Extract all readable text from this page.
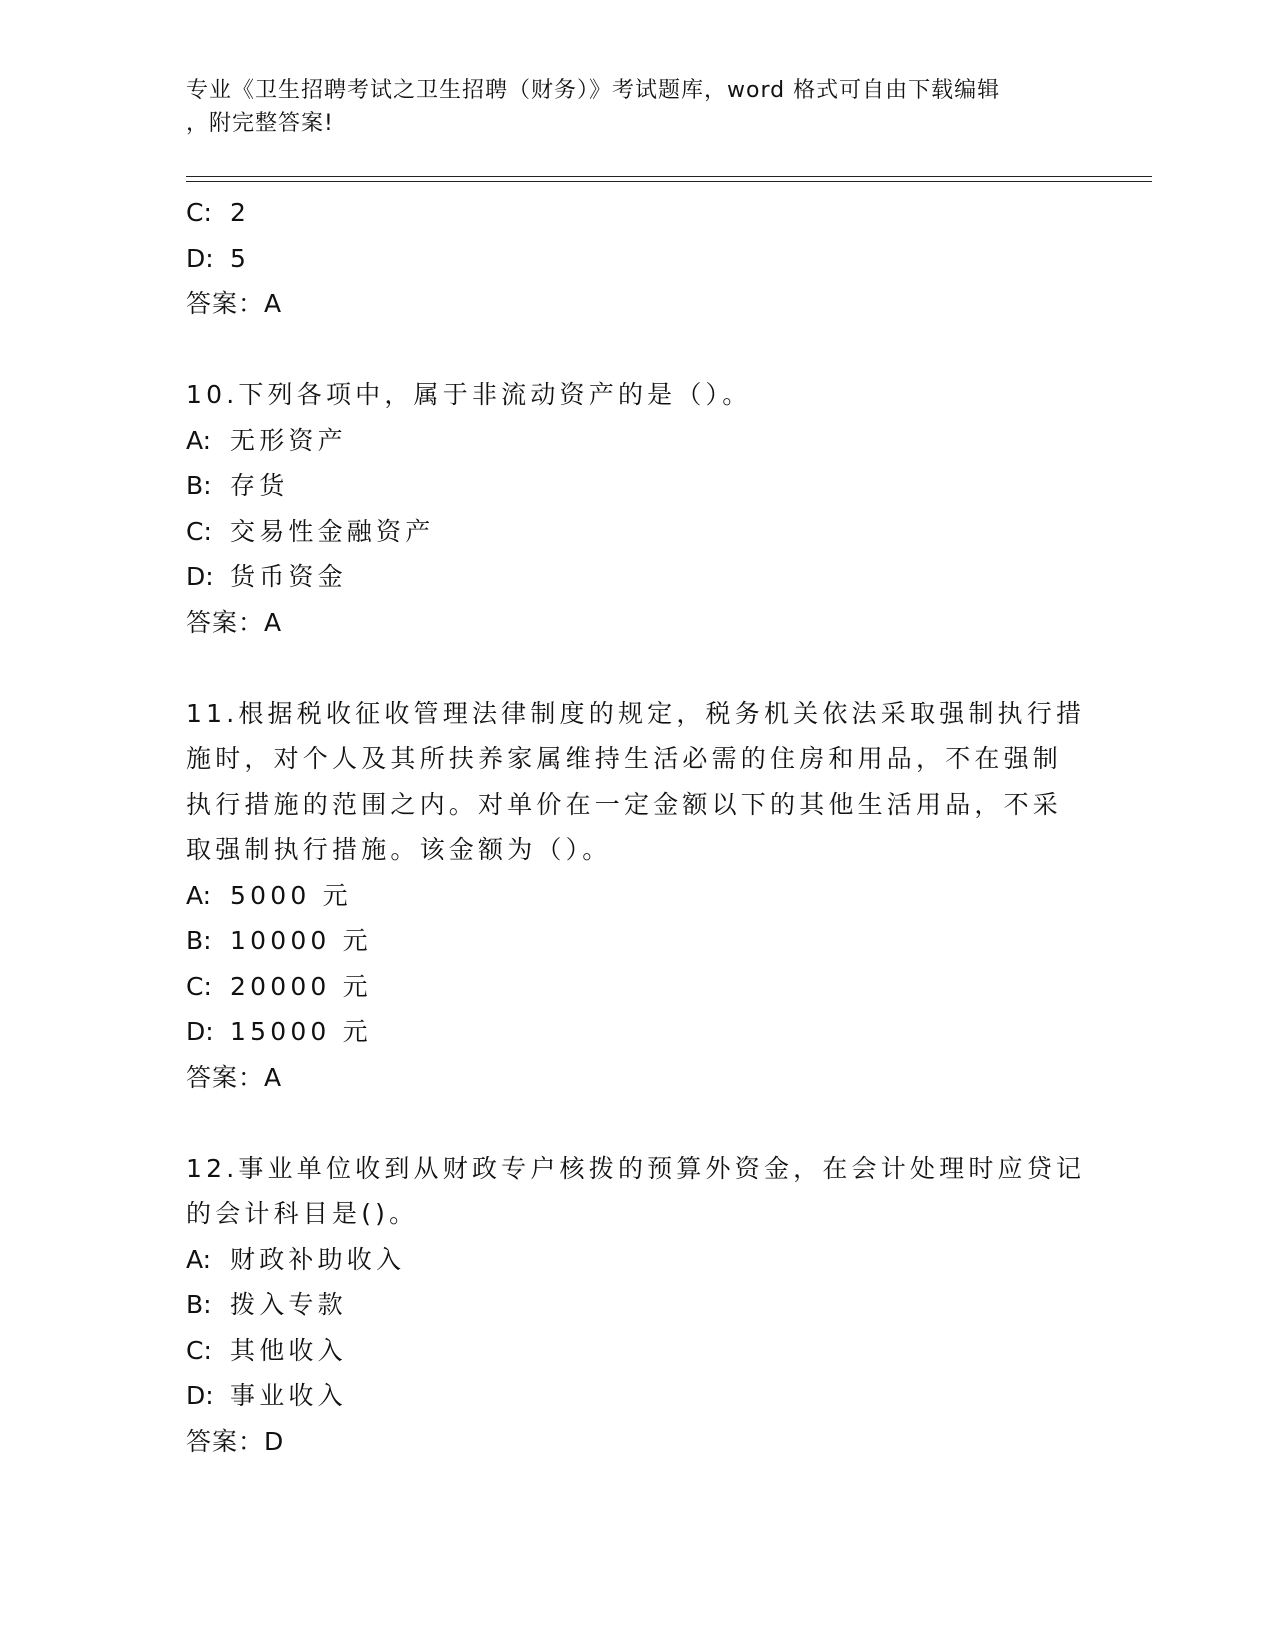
专业《卫生招聘考试之卫生招聘（财务）》考试题库，word 格式可自由下载编辑
，附完整答案!
C: 2
D: 5
答案：A
10.下列各项中，属于非流动资产的是（）。
A: 无形资产
B: 存货
C: 交易性金融资产
D: 货币资金
答案：A
11.根据税收征收管理法律制度的规定，税务机关依法采取强制执行措
施时，对个人及其所扶养家属维持生活必需的住房和用品，不在强制
执行措施的范围之内。对单价在一定金额以下的其他生活用品，不采
取强制执行措施。该金额为（）。
A: 5000 元
B: 10000 元
C: 20000 元
D: 15000 元
答案：A
12.事业单位收到从财政专户核拨的预算外资金，在会计处理时应贷记
的会计科目是()。
A: 财政补助收入
B: 拨入专款
C: 其他收入
D: 事业收入
答案：D
